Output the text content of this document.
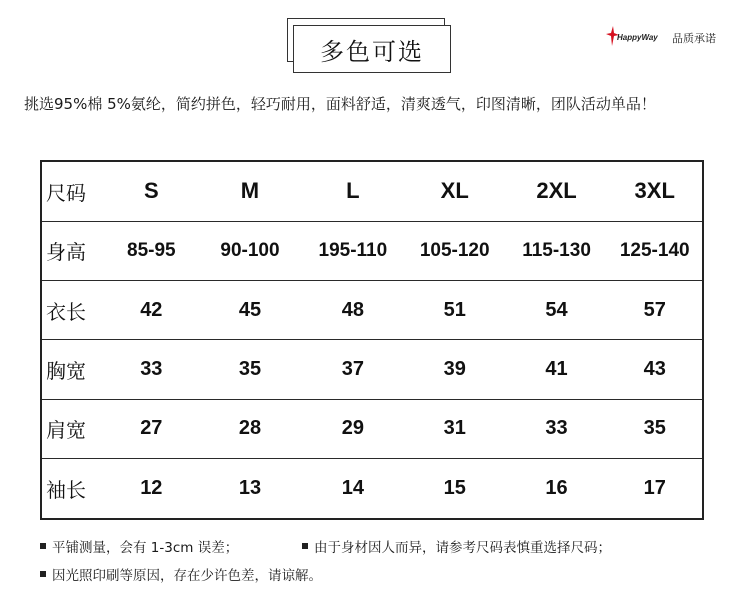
多色可选	HappyWay 品质承诺
挑选95%棉 5%氨纶，简约拼色，轻巧耐用，面料舒适，清爽透气，印图清晰，团队活动单品！
尺码	S	M	L	XL	2XL	3XL
身高	85-95	90-100	195-110	105-120	115-130	125-140
衣长	42	45	48	51	54	57
胸宽	33	35	37	39	41	43
肩宽	27	28	29	31	33	35
袖长	12	13	14	15	16	17
平铺测量，会有 1-3cm 误差；	由于身材因人而异，请参考尺码表慎重选择尺码；
因光照印刷等原因，存在少许色差，请谅解。
